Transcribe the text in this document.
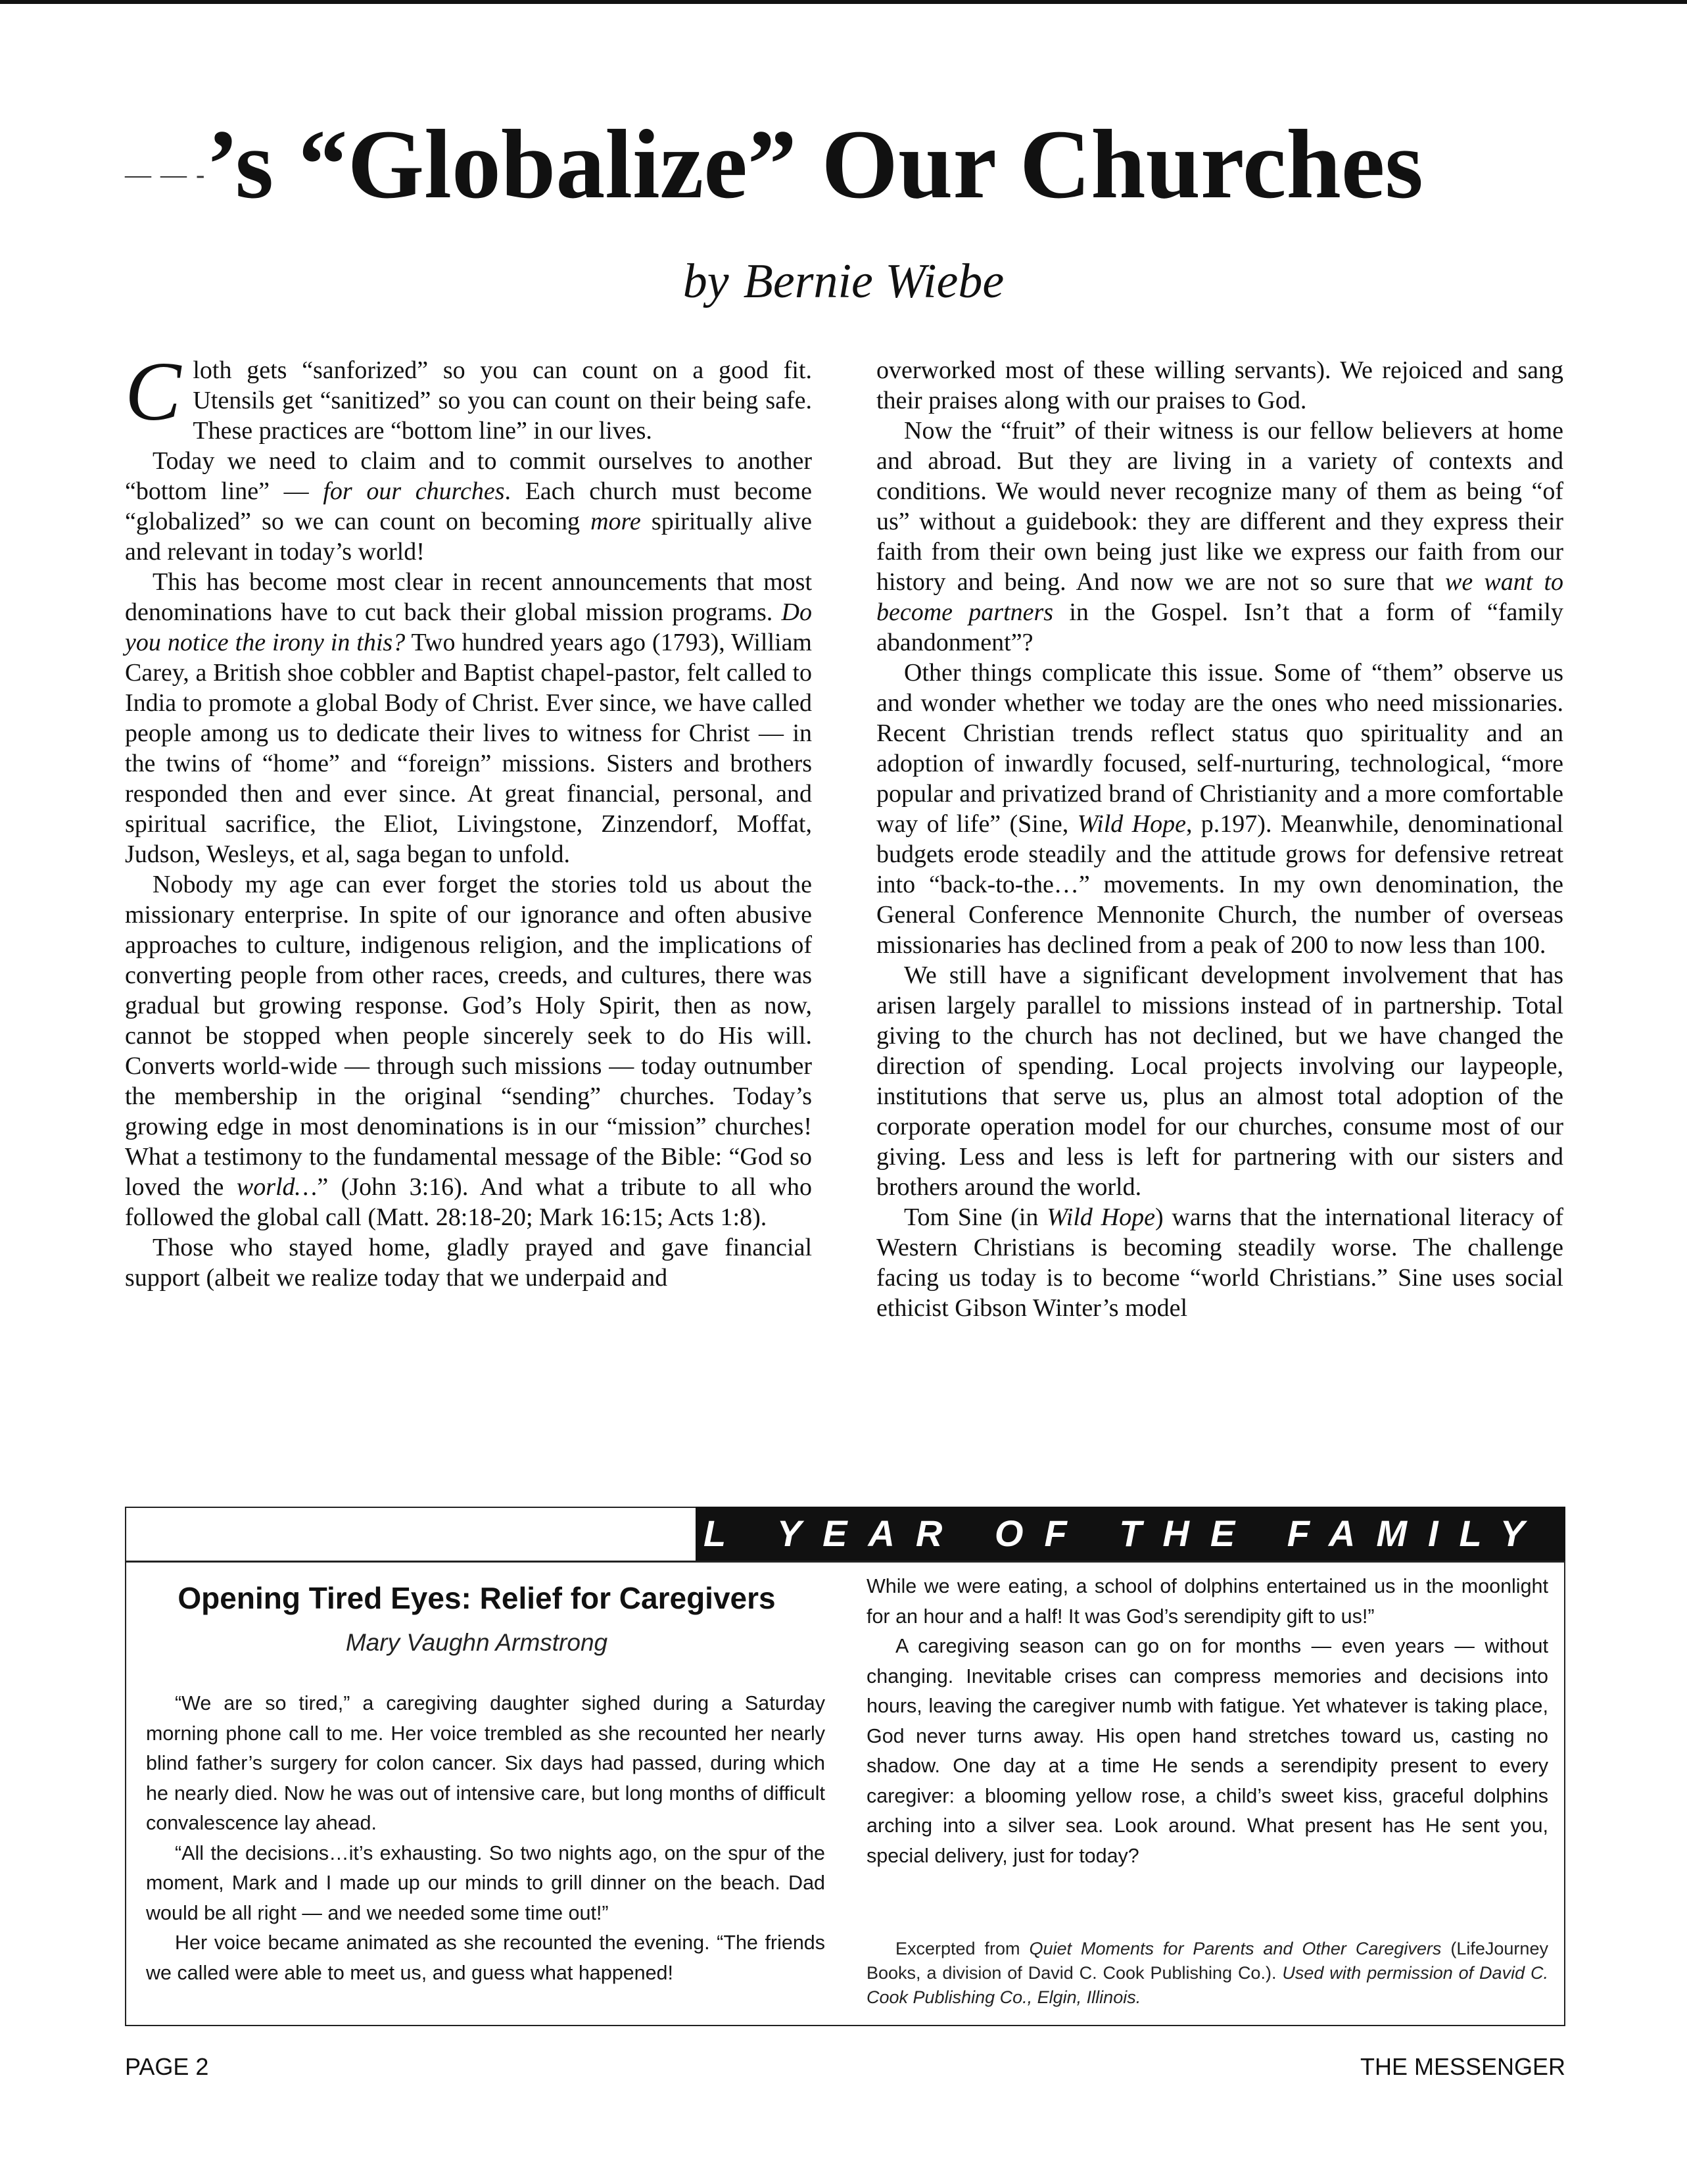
— — -’s “Globalize” Our Churches
by Bernie Wiebe

Cloth gets “sanforized” so you can count on a good fit. Utensils get “sanitized” so you can count on their being safe. These practices are “bottom line” in our lives.

Today we need to claim and to commit ourselves to another “bottom line” — for our churches. Each church must become “globalized” so we can count on becoming more spiritually alive and relevant in today’s world!

This has become most clear in recent announcements that most denominations have to cut back their global mission programs. Do you notice the irony in this? Two hundred years ago (1793), William Carey, a British shoe cobbler and Baptist chapel-pastor, felt called to India to promote a global Body of Christ. Ever since, we have called people among us to dedicate their lives to witness for Christ — in the twins of “home” and “foreign” missions. Sisters and brothers responded then and ever since. At great financial, personal, and spiritual sacrifice, the Eliot, Livingstone, Zinzendorf, Moffat, Judson, Wesleys, et al, saga began to unfold.

Nobody my age can ever forget the stories told us about the missionary enterprise. In spite of our ignorance and often abusive approaches to culture, indigenous religion, and the implications of converting people from other races, creeds, and cultures, there was gradual but growing response. God’s Holy Spirit, then as now, cannot be stopped when people sincerely seek to do His will. Converts world-wide — through such missions — today outnumber the membership in the original “sending” churches. Today’s growing edge in most denominations is in our “mission” churches! What a testimony to the fundamental message of the Bible: “God so loved the world…” (John 3:16). And what a tribute to all who followed the global call (Matt. 28:18-20; Mark 16:15; Acts 1:8).

Those who stayed home, gladly prayed and gave financial support (albeit we realize today that we underpaid and

overworked most of these willing servants). We rejoiced and sang their praises along with our praises to God.

Now the “fruit” of their witness is our fellow believers at home and abroad. But they are living in a variety of contexts and conditions. We would never recognize many of them as being “of us” without a guidebook: they are different and they express their faith from their own being just like we express our faith from our history and being. And now we are not so sure that we want to become partners in the Gospel. Isn’t that a form of “family abandonment”?

Other things complicate this issue. Some of “them” observe us and wonder whether we today are the ones who need missionaries. Recent Christian trends reflect status quo spirituality and an adoption of inwardly focused, self-nurturing, technological, “more popular and privatized brand of Christianity and a more comfortable way of life” (Sine, Wild Hope, p.197). Meanwhile, denominational budgets erode steadily and the attitude grows for defensive retreat into “back-to-the…” movements. In my own denomination, the General Conference Mennonite Church, the number of overseas missionaries has declined from a peak of 200 to now less than 100.

We still have a significant development involvement that has arisen largely parallel to missions instead of in partnership. Total giving to the church has not declined, but we have changed the direction of spending. Local projects involving our laypeople, institutions that serve us, plus an almost total adoption of the corporate operation model for our churches, consume most of our giving. Less and less is left for partnering with our sisters and brothers around the world.

Tom Sine (in Wild Hope) warns that the international literacy of Western Christians is becoming steadily worse. The challenge facing us today is to become “world Christians.” Sine uses social ethicist Gibson Winter’s model

L YEAR OF THE FAMILY
Opening Tired Eyes: Relief for Caregivers
Mary Vaughn Armstrong

“We are so tired,” a caregiving daughter sighed during a Saturday morning phone call to me. Her voice trembled as she recounted her nearly blind father’s surgery for colon cancer. Six days had passed, during which he nearly died. Now he was out of intensive care, but long months of difficult convalescence lay ahead.

“All the decisions…it’s exhausting. So two nights ago, on the spur of the moment, Mark and I made up our minds to grill dinner on the beach. Dad would be all right — and we needed some time out!”

Her voice became animated as she recounted the evening. “The friends we called were able to meet us, and guess what happened!

While we were eating, a school of dolphins entertained us in the moonlight for an hour and a half! It was God’s serendipity gift to us!”

A caregiving season can go on for months — even years — without changing. Inevitable crises can compress memories and decisions into hours, leaving the caregiver numb with fatigue. Yet whatever is taking place, God never turns away. His open hand stretches toward us, casting no shadow. One day at a time He sends a serendipity present to every caregiver: a blooming yellow rose, a child’s sweet kiss, graceful dolphins arching into a silver sea. Look around. What present has He sent you, special delivery, just for today?

Excerpted from Quiet Moments for Parents and Other Caregivers (LifeJourney Books, a division of David C. Cook Publishing Co.). Used with permission of David C. Cook Publishing Co., Elgin, Illinois.

PAGE 2	THE MESSENGER
